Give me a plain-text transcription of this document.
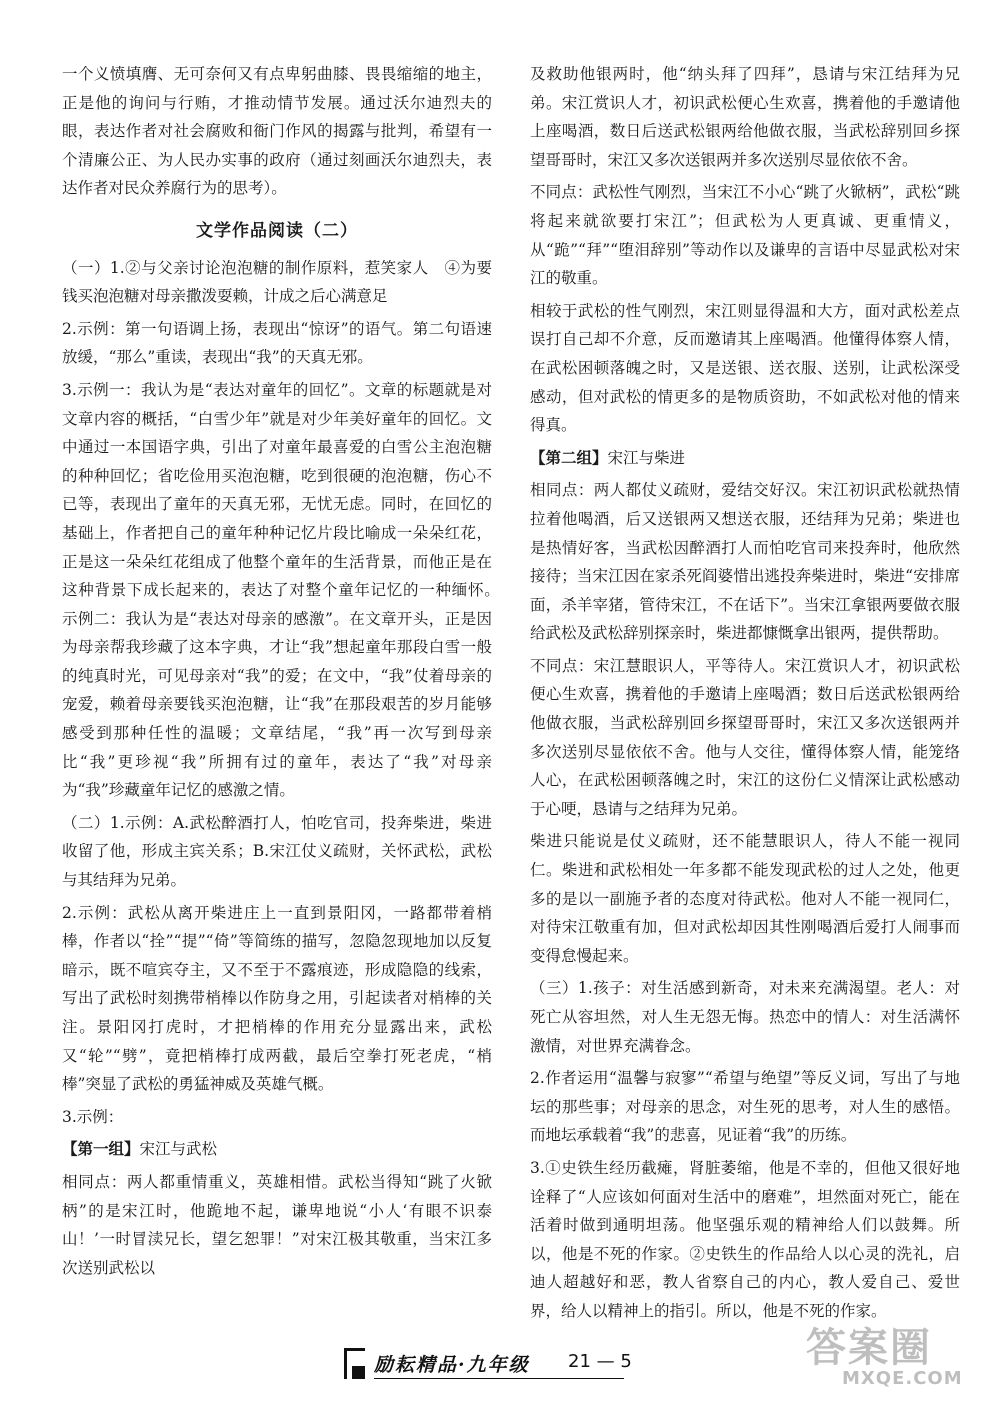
一个义愤填膺、无可奈何又有点卑躬曲膝、畏畏缩缩的地主，正是他的询问与行贿，才推动情节发展。通过沃尔迪烈夫的眼，表达作者对社会腐败和衙门作风的揭露与批判，希望有一个清廉公正、为人民办实事的政府（通过刻画沃尔迪烈夫，表达作者对民众养腐行为的思考）。

文学作品阅读（二）

（一）1.②与父亲讨论泡泡糖的制作原料，惹笑家人　④为要钱买泡泡糖对母亲撒泼耍赖，计成之后心满意足

2.示例：第一句语调上扬，表现出“惊讶”的语气。第二句语速放缓，“那么”重读，表现出“我”的天真无邪。

3.示例一：我认为是“表达对童年的回忆”。文章的标题就是对文章内容的概括，“白雪少年”就是对少年美好童年的回忆。文中通过一本国语字典，引出了对童年最喜爱的白雪公主泡泡糖的种种回忆；省吃俭用买泡泡糖，吃到很硬的泡泡糖，伤心不已等，表现出了童年的天真无邪，无忧无虑。同时，在回忆的基础上，作者把自己的童年种种记忆片段比喻成一朵朵红花，正是这一朵朵红花组成了他整个童年的生活背景，而他正是在这种背景下成长起来的，表达了对整个童年记忆的一种缅怀。　示例二：我认为是“表达对母亲的感激”。在文章开头，正是因为母亲帮我珍藏了这本字典，才让“我”想起童年那段白雪一般的纯真时光，可见母亲对“我”的爱；在文中，“我”仗着母亲的宠爱，赖着母亲要钱买泡泡糖，让“我”在那段艰苦的岁月能够感受到那种任性的温暖；文章结尾，“我”再一次写到母亲比“我”更珍视“我”所拥有过的童年，表达了“我”对母亲为“我”珍藏童年记忆的感激之情。

（二）1.示例：A.武松醉酒打人，怕吃官司，投奔柴进，柴进收留了他，形成主宾关系；B.宋江仗义疏财，关怀武松，武松与其结拜为兄弟。

2.示例：武松从离开柴进庄上一直到景阳冈，一路都带着梢棒，作者以“拴”“提”“倚”等简练的描写，忽隐忽现地加以反复暗示，既不喧宾夺主，又不至于不露痕迹，形成隐隐的线索，写出了武松时刻携带梢棒以作防身之用，引起读者对梢棒的关注。景阳冈打虎时，才把梢棒的作用充分显露出来，武松又“轮”“劈”，竟把梢棒打成两截，最后空拳打死老虎，“梢棒”突显了武松的勇猛神威及英雄气概。

3.示例：

【第一组】宋江与武松

相同点：两人都重情重义，英雄相惜。武松当得知“跳了火锨柄”的是宋江时，他跪地不起，谦卑地说“小人‘有眼不识泰山！’一时冒渎兄长，望乞恕罪！”对宋江极其敬重，当宋江多次送别武松以

及救助他银两时，他“纳头拜了四拜”，恳请与宋江结拜为兄弟。宋江赏识人才，初识武松便心生欢喜，携着他的手邀请他上座喝酒，数日后送武松银两给他做衣服，当武松辞别回乡探望哥哥时，宋江又多次送银两并多次送别尽显依依不舍。

不同点：武松性气刚烈，当宋江不小心“跳了火锨柄”，武松“跳将起来就欲要打宋江”；但武松为人更真诚、更重情义，从“跪”“拜”“堕泪辞别”等动作以及谦卑的言语中尽显武松对宋江的敬重。

相较于武松的性气刚烈，宋江则显得温和大方，面对武松差点误打自己却不介意，反而邀请其上座喝酒。他懂得体察人情，在武松困顿落魄之时，又是送银、送衣服、送别，让武松深受感动，但对武松的情更多的是物质资助，不如武松对他的情来得真。

【第二组】宋江与柴进

相同点：两人都仗义疏财，爱结交好汉。宋江初识武松就热情拉着他喝酒，后又送银两又想送衣服，还结拜为兄弟；柴进也是热情好客，当武松因醉酒打人而怕吃官司来投奔时，他欣然接待；当宋江因在家杀死阎婆惜出逃投奔柴进时，柴进“安排席面，杀羊宰猪，管待宋江，不在话下”。当宋江拿银两要做衣服给武松及武松辞别探亲时，柴进都慷慨拿出银两，提供帮助。

不同点：宋江慧眼识人，平等待人。宋江赏识人才，初识武松便心生欢喜，携着他的手邀请上座喝酒；数日后送武松银两给他做衣服，当武松辞别回乡探望哥哥时，宋江又多次送银两并多次送别尽显依依不舍。他与人交往，懂得体察人情，能笼络人心，在武松困顿落魄之时，宋江的这份仁义情深让武松感动于心哽，恳请与之结拜为兄弟。

柴进只能说是仗义疏财，还不能慧眼识人，待人不能一视同仁。柴进和武松相处一年多都不能发现武松的过人之处，他更多的是以一副施予者的态度对待武松。他对人不能一视同仁，对待宋江敬重有加，但对武松却因其性刚喝酒后爱打人闹事而变得怠慢起来。

（三）1.孩子：对生活感到新奇，对未来充满渴望。老人：对死亡从容坦然，对人生无怨无悔。热恋中的情人：对生活满怀激情，对世界充满眷念。

2.作者运用“温馨与寂寥”“希望与绝望”等反义词，写出了与地坛的那些事；对母亲的思念，对生死的思考，对人生的感悟。而地坛承载着“我”的悲喜，见证着“我”的历练。

3.①史铁生经历截瘫，肾脏萎缩，他是不幸的，但他又很好地诠释了“人应该如何面对生活中的磨难”，坦然面对死亡，能在活着时做到通明坦荡。他坚强乐观的精神给人们以鼓舞。所以，他是不死的作家。②史铁生的作品给人以心灵的洗礼，启迪人超越好和恶，教人省察自己的内心，教人爱自己、爱世界，给人以精神上的指引。所以，他是不死的作家。

励耘精品·九年级 21 — 5	答案圈
MXQE.COM
